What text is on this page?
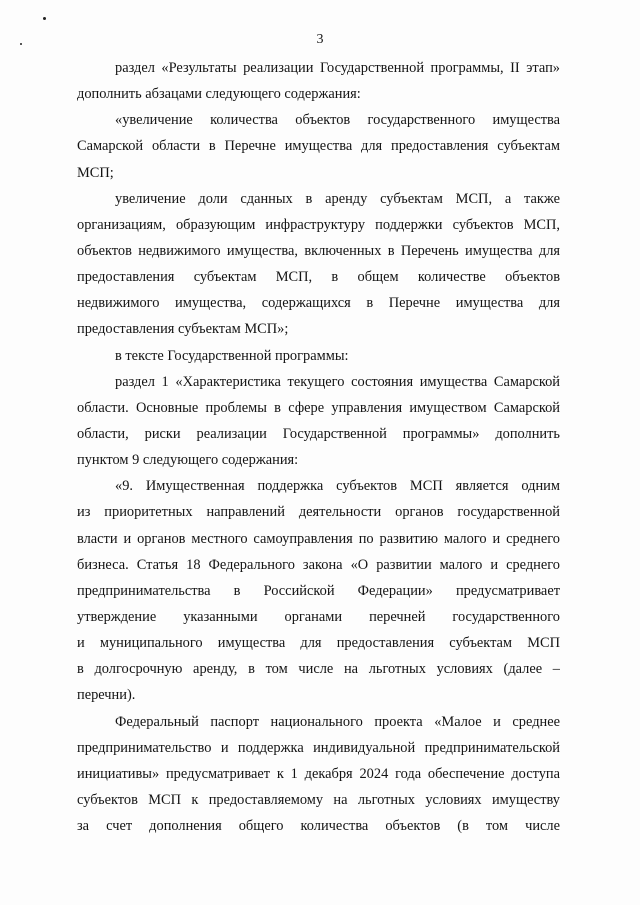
3
раздел «Результаты реализации Государственной программы, II этап»
дополнить абзацами следующего содержания:
«увеличение количества объектов государственного имущества
Самарской области в Перечне имущества для предоставления субъектам
МСП;
увеличение доли сданных в аренду субъектам МСП, а также
организациям, образующим инфраструктуру поддержки субъектов МСП,
объектов недвижимого имущества, включенных в Перечень имущества для
предоставления субъектам МСП, в общем количестве объектов
недвижимого имущества, содержащихся в Перечне имущества для
предоставления субъектам МСП»;
в тексте Государственной программы:
раздел 1 «Характеристика текущего состояния имущества Самарской
области. Основные проблемы в сфере управления имуществом Самарской
области, риски реализации Государственной программы» дополнить
пунктом 9 следующего содержания:
«9. Имущественная поддержка субъектов МСП является одним
из приоритетных направлений деятельности органов государственной
власти и органов местного самоуправления по развитию малого и среднего
бизнеса. Статья 18 Федерального закона «О развитии малого и среднего
предпринимательства в Российской Федерации» предусматривает
утверждение указанными органами перечней государственного
и муниципального имущества для предоставления субъектам МСП
в долгосрочную аренду, в том числе на льготных условиях (далее –
перечни).
Федеральный паспорт национального проекта «Малое и среднее
предпринимательство и поддержка индивидуальной предпринимательской
инициативы» предусматривает к 1 декабря 2024 года обеспечение доступа
субъектов МСП к предоставляемому на льготных условиях имуществу
за счет дополнения общего количества объектов (в том числе
